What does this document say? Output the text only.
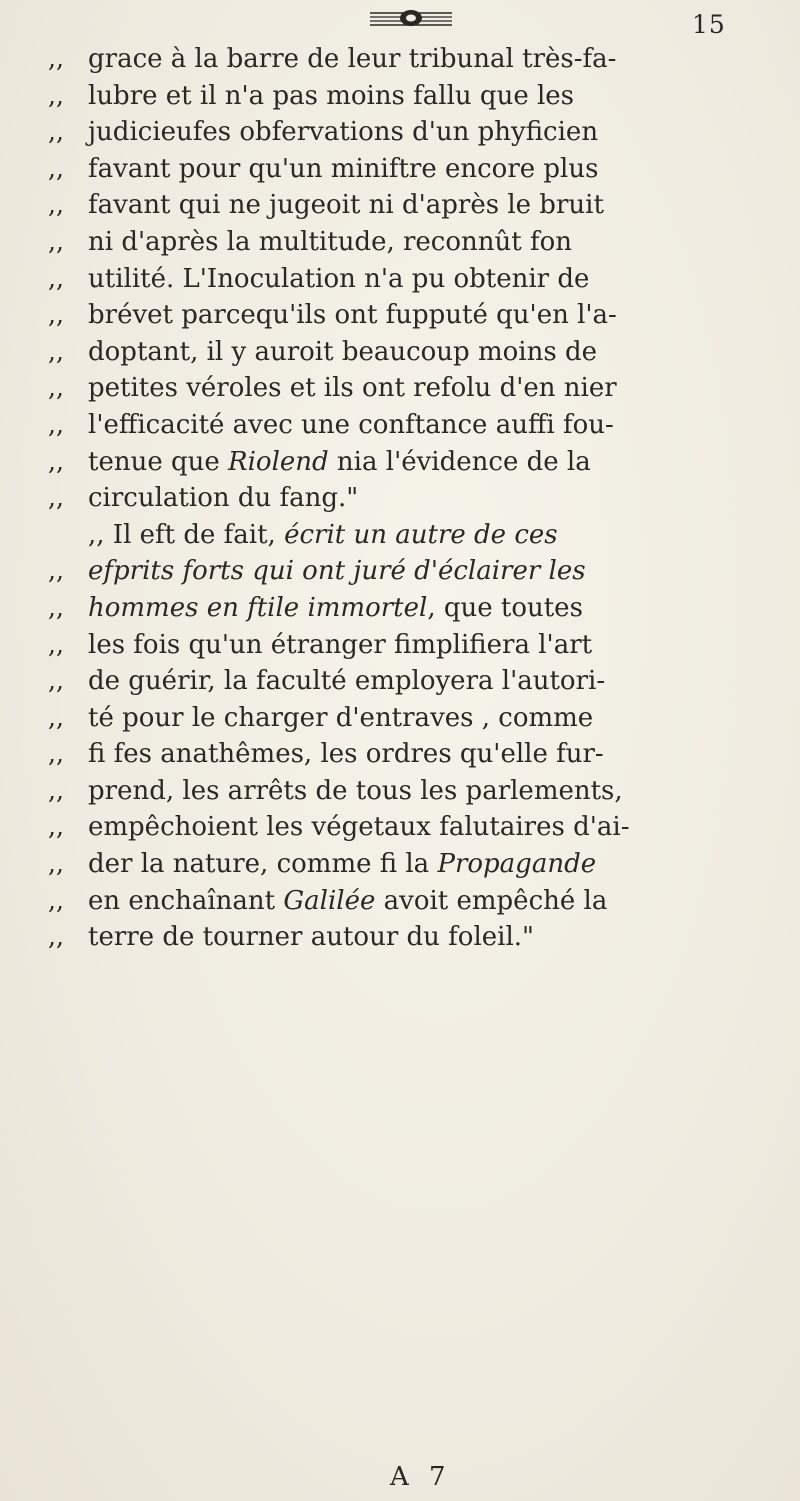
15
,, grace à la barre de leur tribunal très-fa-
,, lubre et il n'a pas moins fallu que les
,, judicieufes obfervations d'un phyficien
,, favant pour qu'un miniftre encore plus
,, favant qui ne jugeoit ni d'après le bruit
,, ni d'après la multitude, reconnût fon
,, utilité. L'Inoculation n'a pu obtenir de
,, brévet parcequ'ils ont fupputé qu'en l'a-
,, doptant, il y auroit beaucoup moins de
,, petites véroles et ils ont refolu d'en nier
,, l'efficacité avec une conftance auffi fou-
,, tenue que Riolend nia l'évidence de la
,, circulation du fang."
,, Il eft de fait, écrit un autre de ces
,, efprits forts qui ont juré d'éclairer les
,, hommes en ftile immortel, que toutes
,, les fois qu'un étranger fimplifiera l'art
,, de guérir, la faculté employera l'autori-
,, té pour le charger d'entraves , comme
,, fi fes anathêmes, les ordres qu'elle fur-
,, prend, les arrêts de tous les parlements,
,, empêchoient les végetaux falutaires d'ai-
,, der la nature, comme fi la Propagande
,, en enchaînant Galilée avoit empêché la
,, terre de tourner autour du foleil."
A 7
